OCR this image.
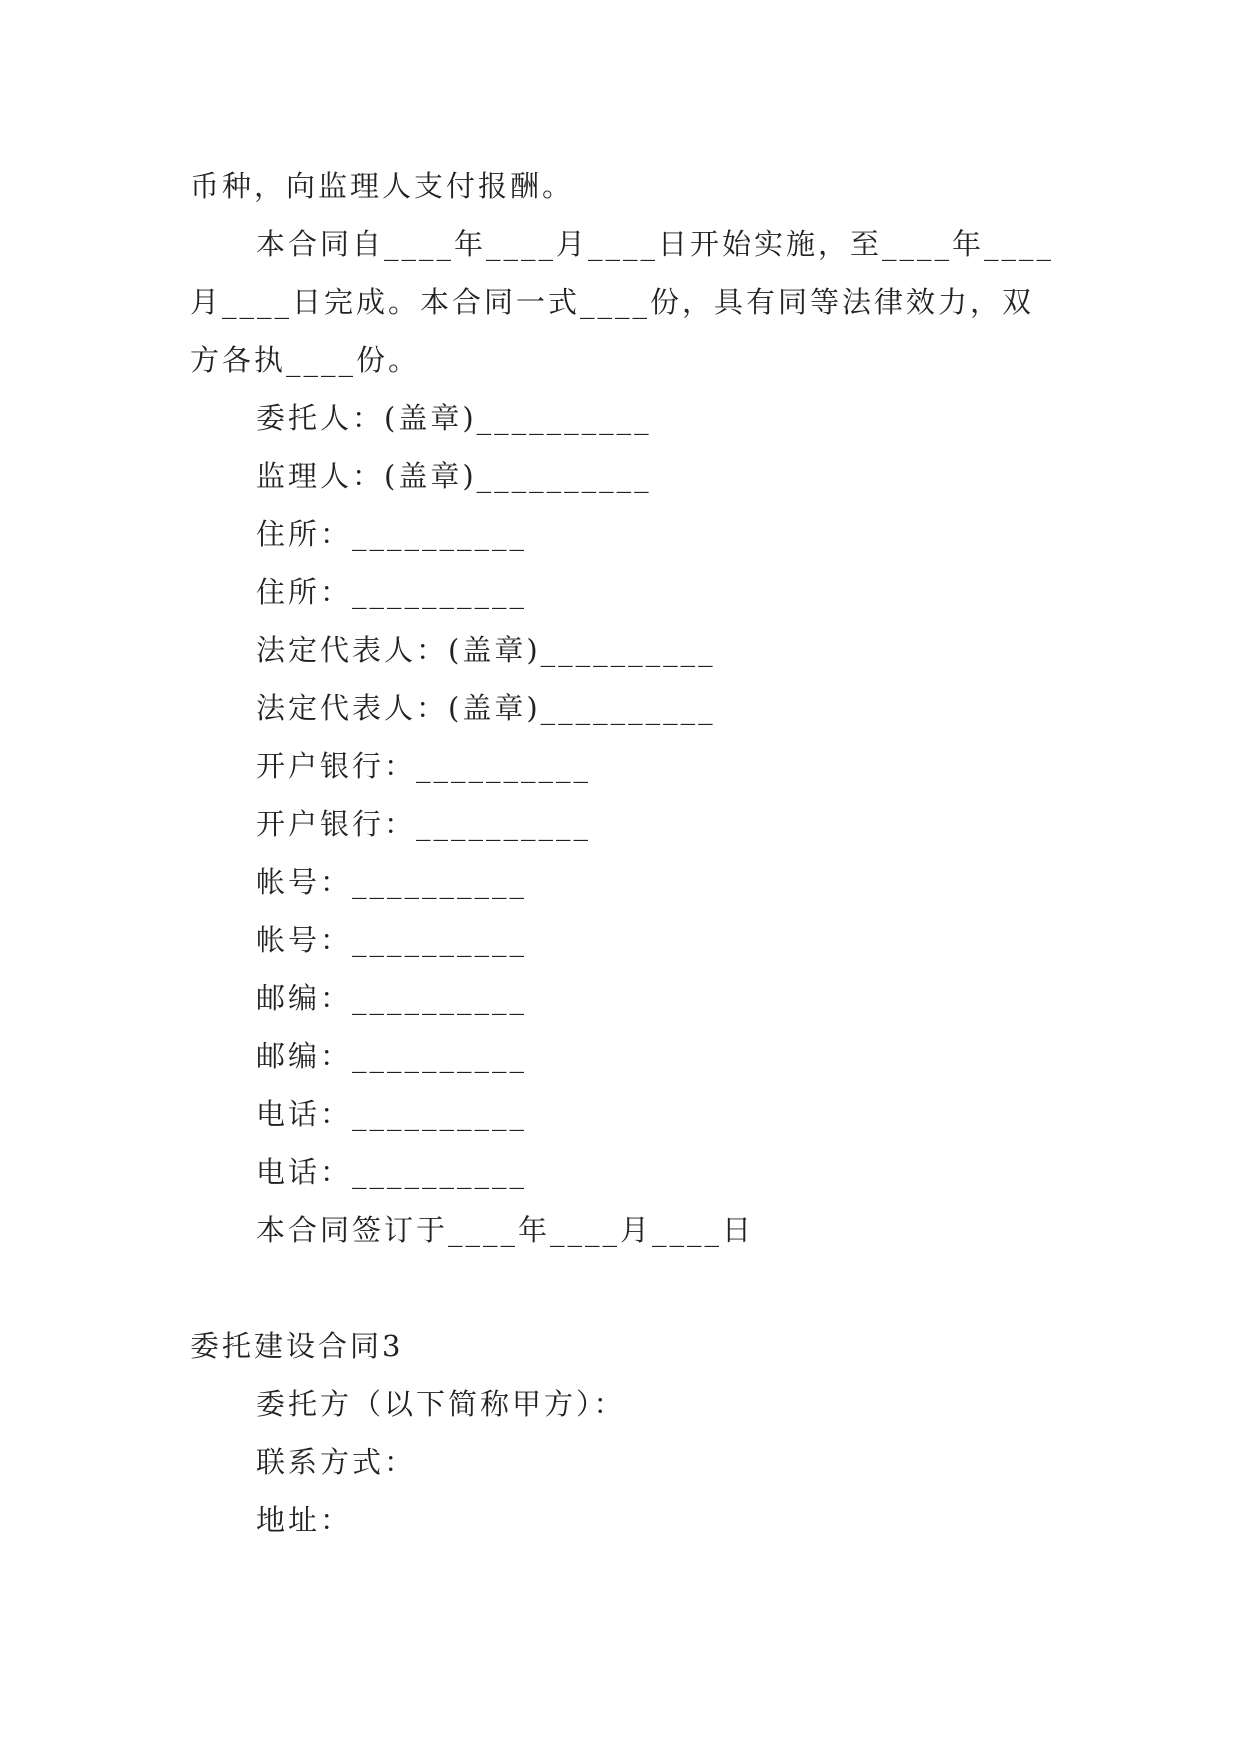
币种，向监理人支付报酬。
本合同自____年____月____日开始实施，至____年____
月____日完成。本合同一式____份，具有同等法律效力，双
方各执____份。
委托人：(盖章)__________
监理人：(盖章)__________
住所：__________
住所：__________
法定代表人：(盖章)__________
法定代表人：(盖章)__________
开户银行：__________
开户银行：__________
帐号：__________
帐号：__________
邮编：__________
邮编：__________
电话：__________
电话：__________
本合同签订于____年____月____日
委托建设合同3
委托方（以下简称甲方）：
联系方式：
地址：
